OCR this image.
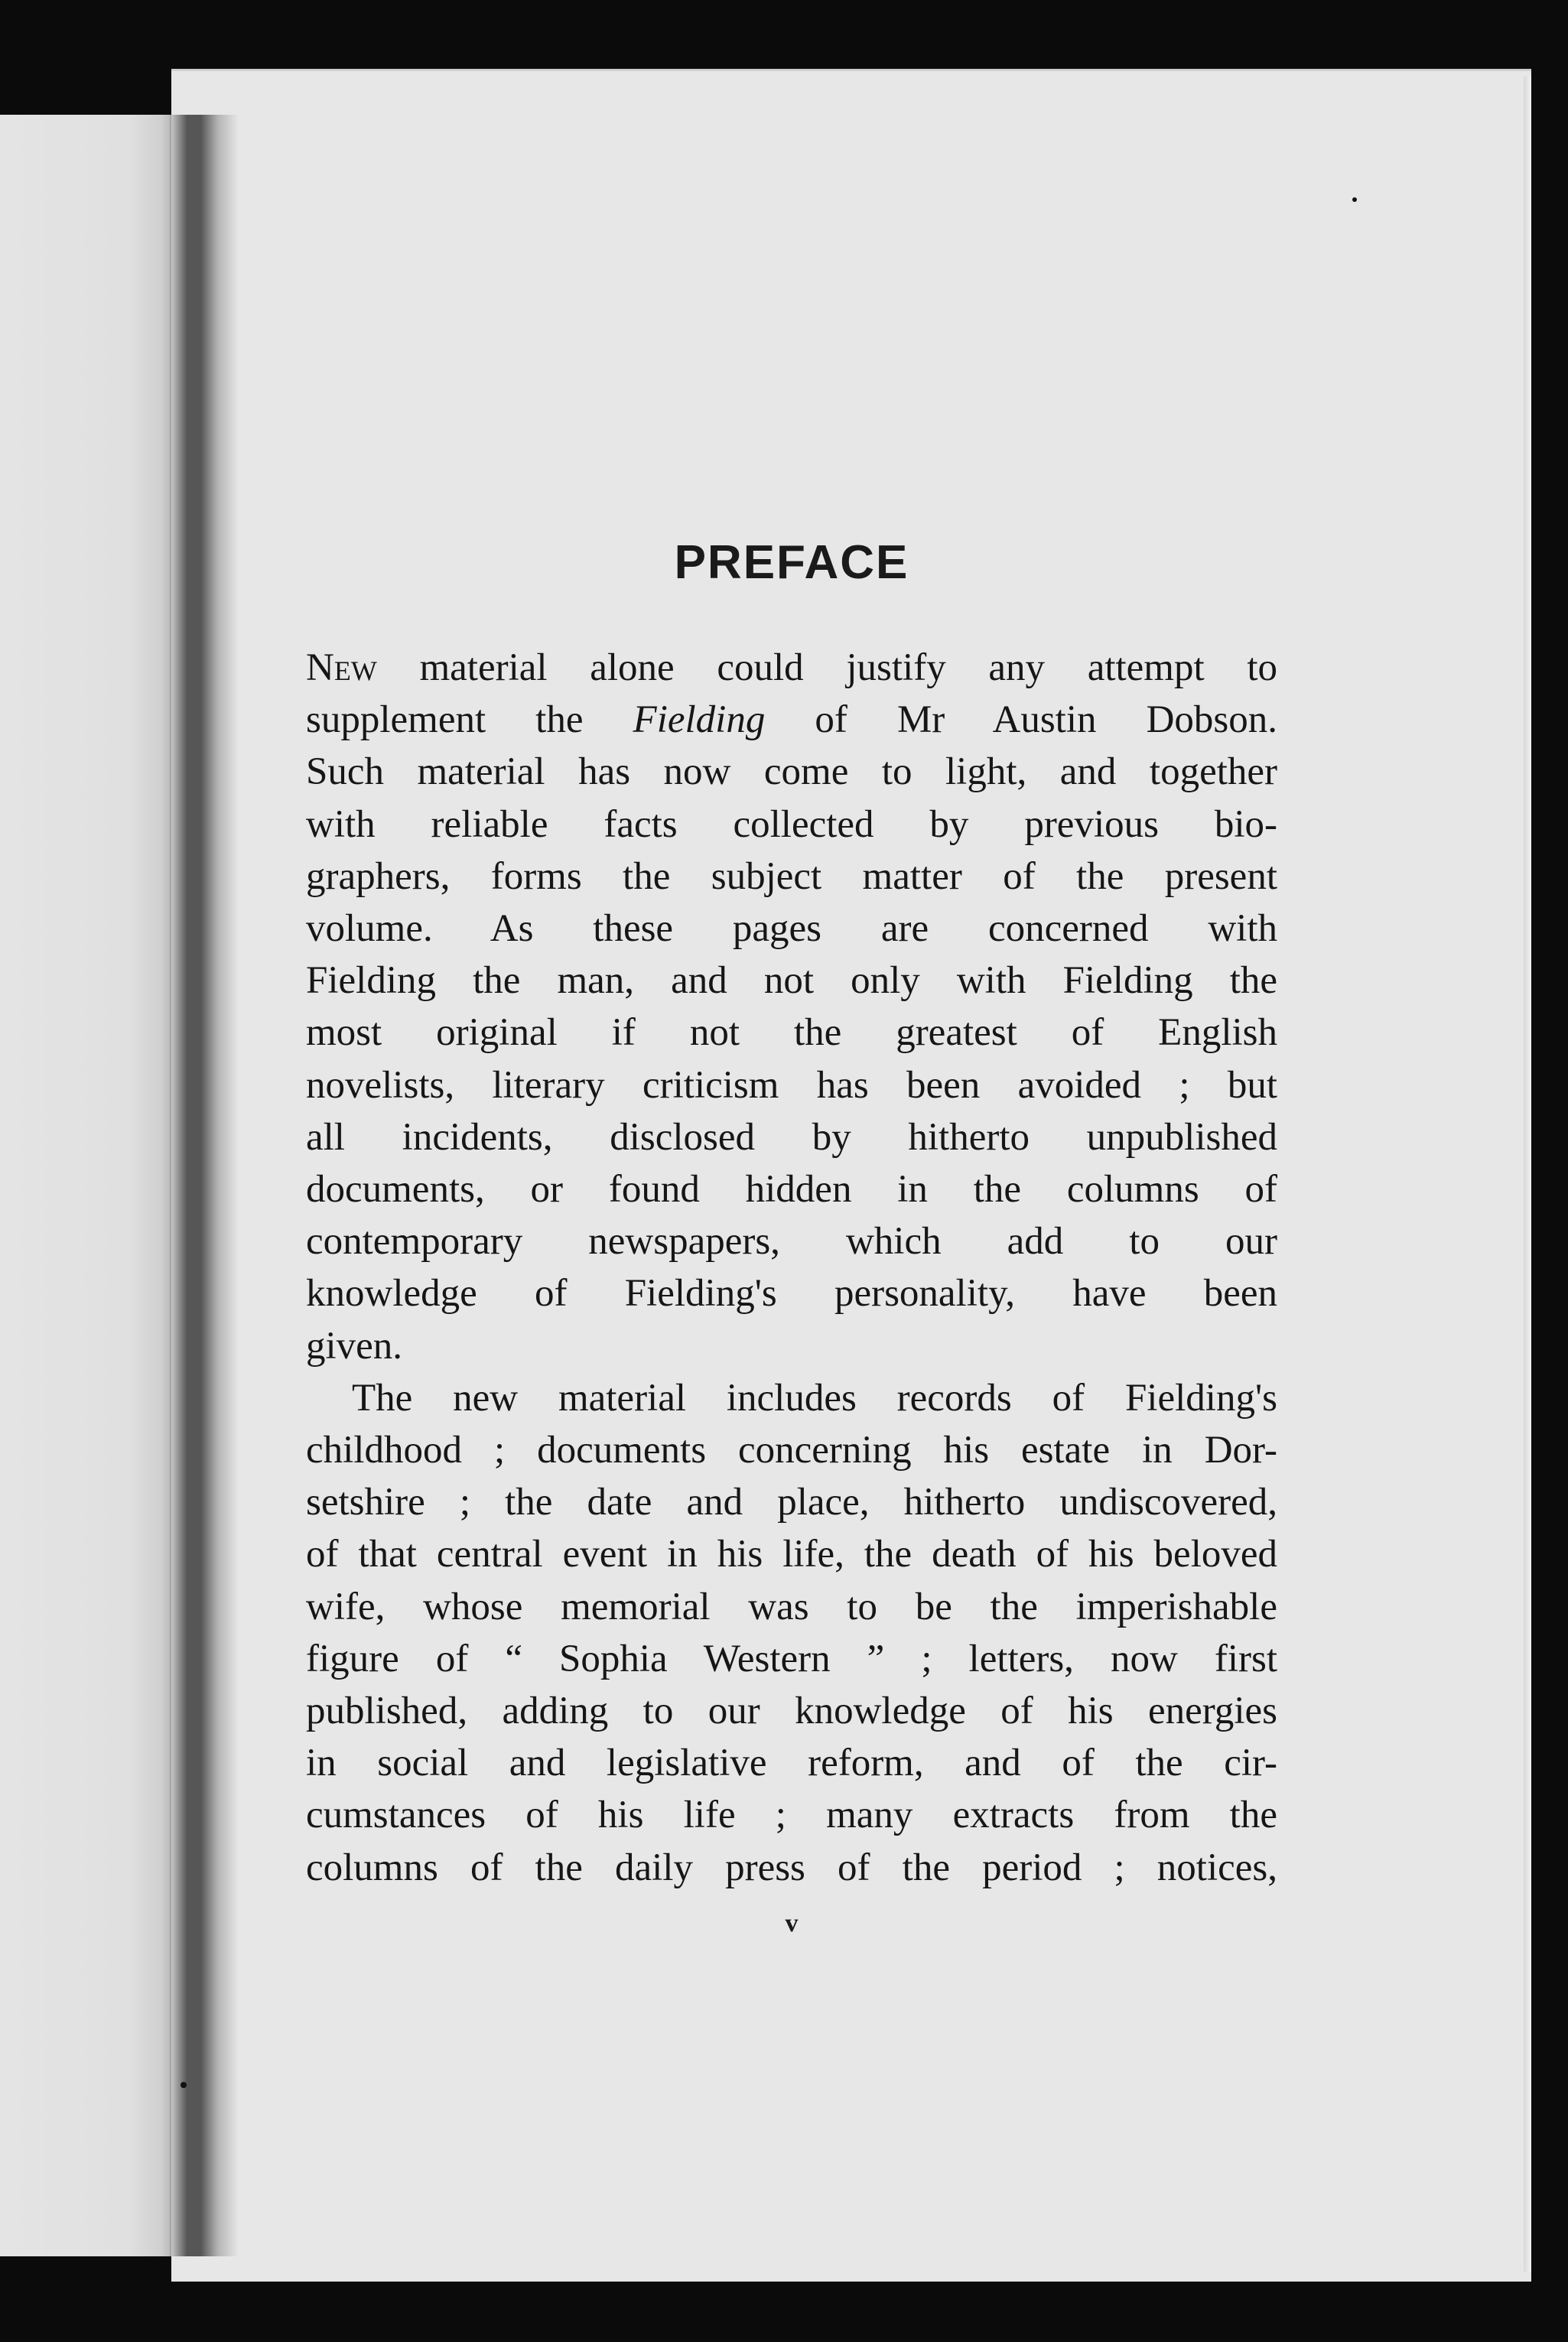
PREFACE
New material alone could justify any attempt to
supplement the Fielding of Mr Austin Dobson.
Such material has now come to light, and together
with reliable facts collected by previous bio-
graphers, forms the subject matter of the present
volume. As these pages are concerned with
Fielding the man, and not only with Fielding the
most original if not the greatest of English
novelists, literary criticism has been avoided ; but
all incidents, disclosed by hitherto unpublished
documents, or found hidden in the columns of
contemporary newspapers, which add to our
knowledge of Fielding's personality, have been
given.
The new material includes records of Fielding's
childhood ; documents concerning his estate in Dor-
setshire ; the date and place, hitherto undiscovered,
of that central event in his life, the death of his beloved
wife, whose memorial was to be the imperishable
figure of “ Sophia Western ” ; letters, now first
published, adding to our knowledge of his energies
in social and legislative reform, and of the cir-
cumstances of his life ; many extracts from the
columns of the daily press of the period ; notices,
v
